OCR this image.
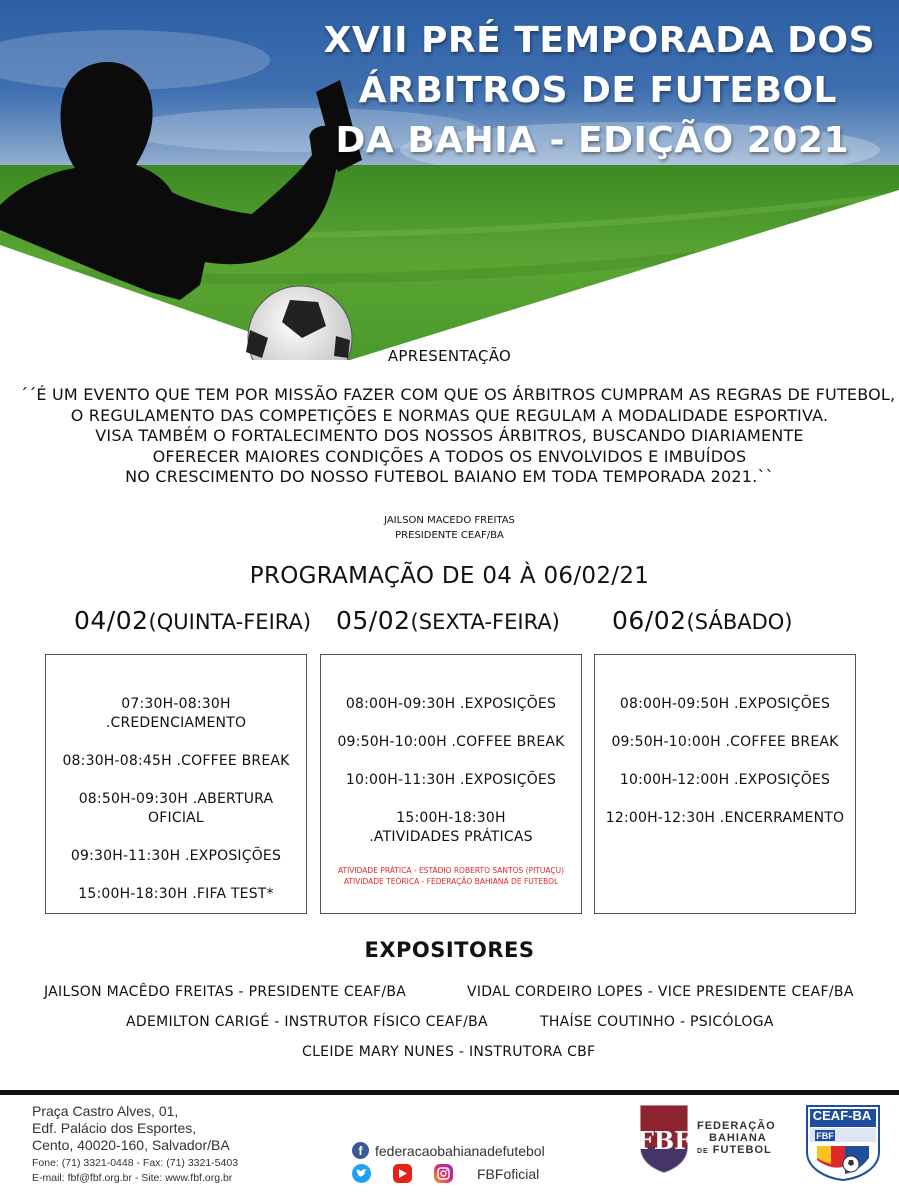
XVII PRÉ TEMPORADA DOS
ÁRBITROS DE FUTEBOL
DA BAHIA - EDIÇÃO 2021
APRESENTAÇÃO
´´É UM EVENTO QUE TEM POR MISSÃO FAZER COM QUE OS ÁRBITROS CUMPRAM AS REGRAS DE FUTEBOL,
O REGULAMENTO DAS COMPETIÇÕES E NORMAS QUE REGULAM A MODALIDADE ESPORTIVA.
VISA TAMBÉM O FORTALECIMENTO DOS NOSSOS ÁRBITROS, BUSCANDO DIARIAMENTE
OFERECER MAIORES CONDIÇÕES A TODOS OS ENVOLVIDOS E IMBUÍDOS
NO CRESCIMENTO DO NOSSO FUTEBOL BAIANO EM TODA TEMPORADA 2021.``
JAILSON MACEDO FREITAS
PRESIDENTE CEAF/BA
PROGRAMAÇÃO DE 04 À 06/02/21
04/02(QUINTA-FEIRA) 05/02(SEXTA-FEIRA) 06/02(SÁBADO)
07:30H-08:30H .CREDENCIAMENTO
08:30H-08:45H .COFFEE BREAK
08:50H-09:30H .ABERTURA OFICIAL
09:30H-11:30H .EXPOSIÇÕES
15:00H-18:30H .FIFA TEST*
08:00H-09:30H .EXPOSIÇÕES
09:50H-10:00H .COFFEE BREAK
10:00H-11:30H .EXPOSIÇÕES
15:00H-18:30H .ATIVIDADES PRÁTICAS
ATIVIDADE PRÁTICA - ESTÁDIO ROBERTO SANTOS (PITUAÇU)
ATIVIDADE TEÓRICA - FEDERAÇÃO BAHIANA DE FUTEBOL
08:00H-09:50H .EXPOSIÇÕES
09:50H-10:00H .COFFEE BREAK
10:00H-12:00H .EXPOSIÇÕES
12:00H-12:30H .ENCERRAMENTO
EXPOSITORES
JAILSON MACÊDO FREITAS - PRESIDENTE CEAF/BA	VIDAL CORDEIRO LOPES - VICE PRESIDENTE CEAF/BA
ADEMILTON CARIGÉ - INSTRUTOR FÍSICO CEAF/BA	THAÍSE COUTINHO - PSICÓLOGA
CLEIDE MARY NUNES - INSTRUTORA CBF
Praça Castro Alves, 01,
Edf. Palácio dos Esportes,
Cento, 40020-160, Salvador/BA
Fone: (71) 3321-0448 - Fax: (71) 3321-5403
E-mail: fbf@fbf.org.br - Site: www.fbf.org.br
f federacaobahianadefutebol
FBFoficial
FBF FEDERAÇÃO
BAHIANA
DE FUTEBOL
FBF
CEAF-BA
